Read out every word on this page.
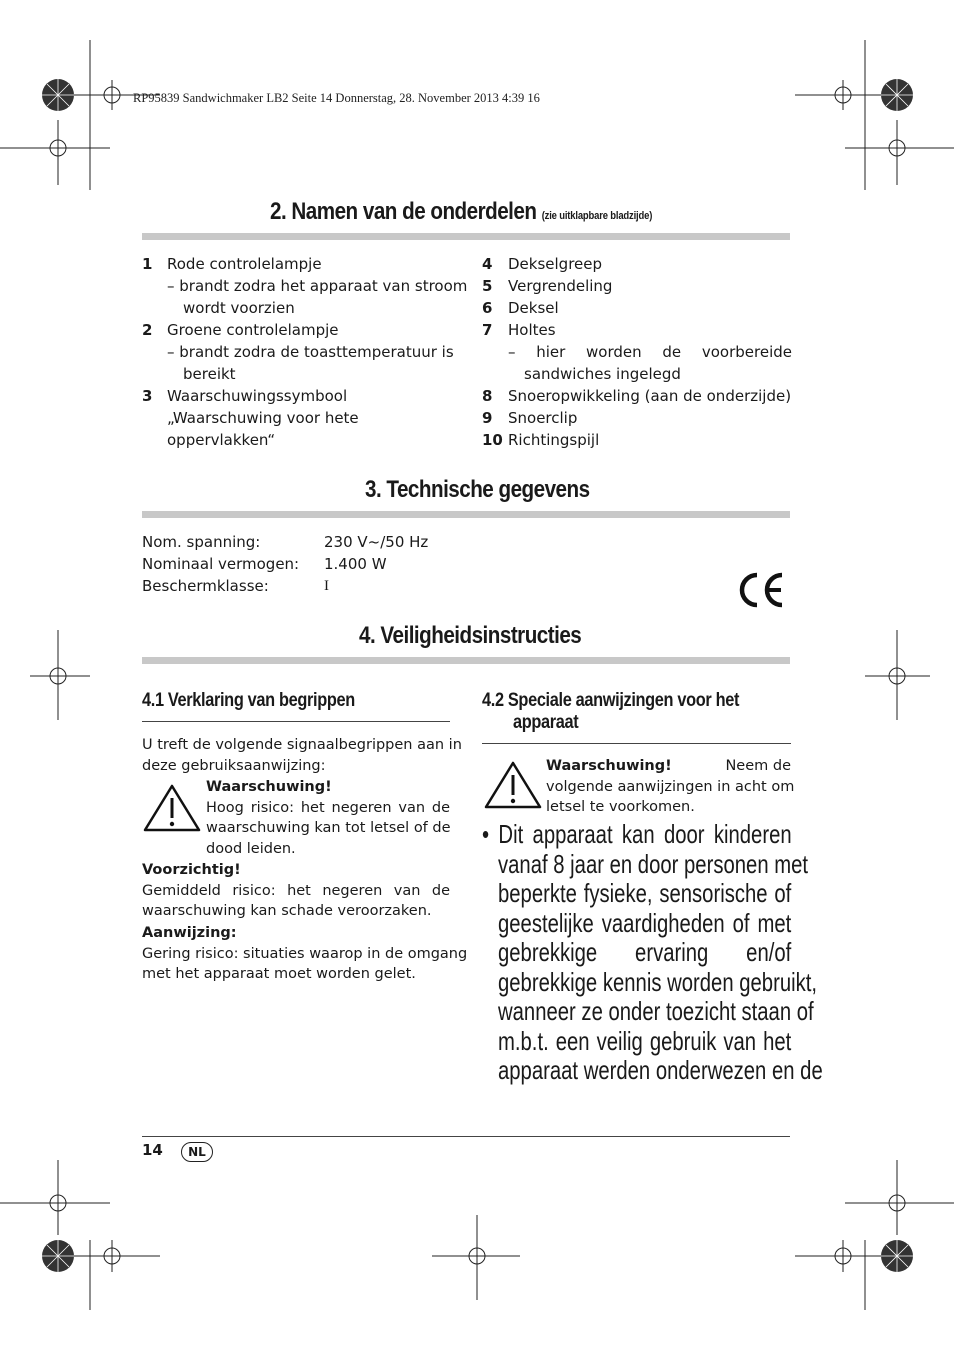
RP95839 Sandwichmaker LB2 Seite 14 Donnerstag, 28. November 2013 4:39 16
2. Namen van de onderdelen (zie uitklapbare bladzijde)
1 Rode controlelampje
– brandt zodra het apparaat van stroom
wordt voorzien
2 Groene controlelampje
– brandt zodra de toasttemperatuur is
bereikt
3 Waarschuwingssymbool
„Waarschuwing voor hete
oppervlakken“
4 Dekselgreep
5 Vergrendeling
6 Deksel
7 Holtes
– hier worden de voorbereide
sandwiches ingelegd
8 Snoeropwikkeling (aan de onderzijde)
9 Snoerclip
10 Richtingspijl
3. Technische gegevens
Nom. spanning:	230 V~/50 Hz
Nominaal vermogen: 1.400 W
Beschermklasse:	I
4. Veiligheidsinstructies
4.1 Verklaring van begrippen
U treft de volgende signaalbegrippen aan in
deze gebruiksaanwijzing:
Waarschuwing!
Hoog risico: het negeren van de
waarschuwing kan tot letsel of de
dood leiden.
Voorzichtig!
Gemiddeld risico: het negeren van de
waarschuwing kan schade veroorzaken.
Aanwijzing:
Gering risico: situaties waarop in de omgang
met het apparaat moet worden gelet.
4.2 Speciale aanwijzingen voor het
apparaat
Waarschuwing!	Neem de
volgende aanwijzingen in acht om
letsel te voorkomen.
• Dit apparaat kan door kinderen
vanaf 8 jaar en door personen met
beperkte fysieke, sensorische of
geestelijke vaardigheden of met
gebrekkige ervaring en/of
gebrekkige kennis worden gebruikt,
wanneer ze onder toezicht staan of
m.b.t. een veilig gebruik van het
apparaat werden onderwezen en de
14	NL
